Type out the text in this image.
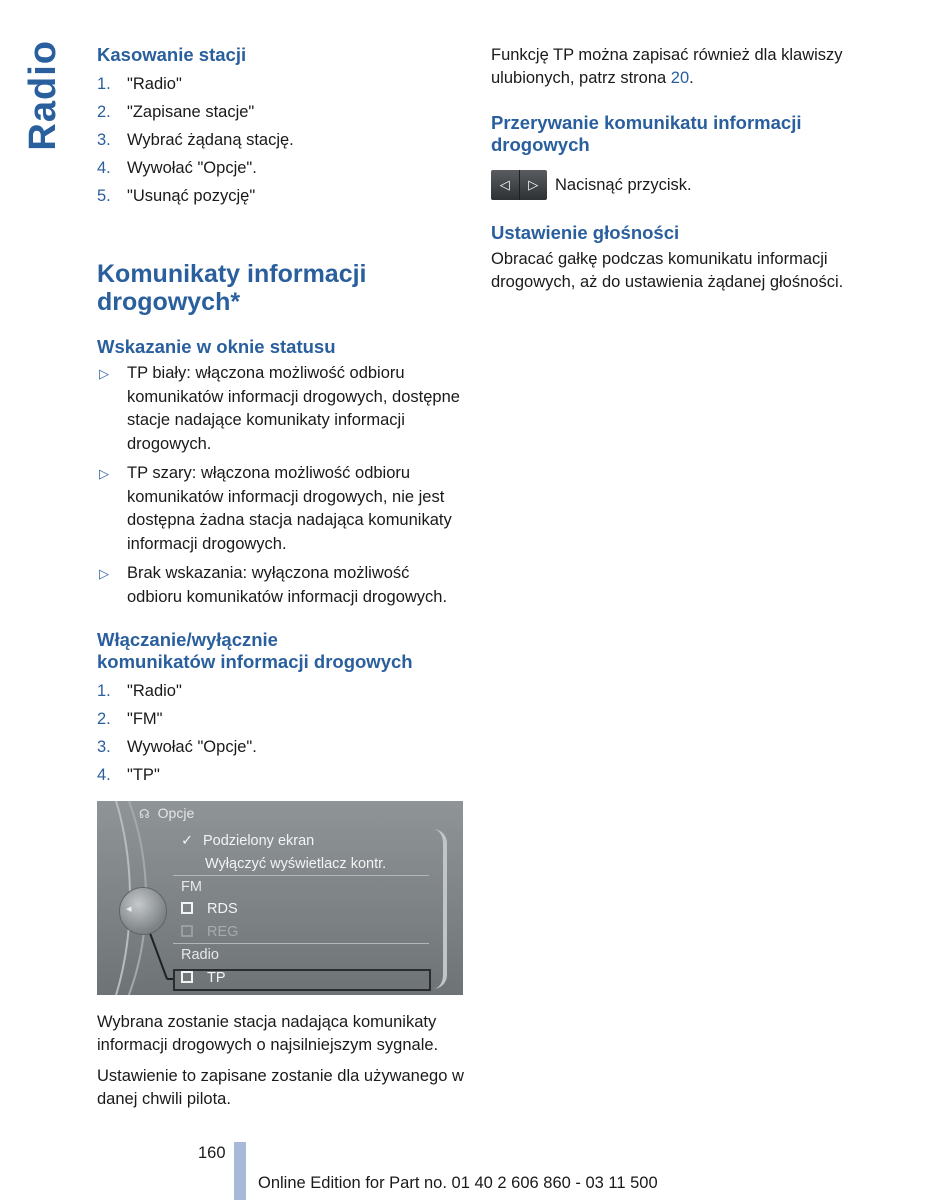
Radio Kasowanie stacji
1. "Radio"
2. "Zapisane stacje"
3. Wybrać żądaną stację.
4. Wywołać "Opcje".
5. "Usunąć pozycję"
Komunikaty informacji
drogowych*
Wskazanie w oknie statusu
▷ TP biały: włączona możliwość odbioru komunikatów informacji drogowych, dostępne stacje nadające komunikaty informacji drogowych.
▷ TP szary: włączona możliwość odbioru komunikatów informacji drogowych, nie jest dostępna żadna stacja nadająca komunikaty informacji drogowych.
▷ Brak wskazania: wyłączona możliwość odbioru komunikatów informacji drogowych.
Włączanie/wyłącznie
komunikatów informacji drogowych
1. "Radio"
2. "FM"
3. Wywołać "Opcje".
4. "TP"
◂
☊ Opcje
✓ Podzielony ekran
Wyłączyć wyświetlacz kontr.
FM
RDS
REG
Radio
TP

Wybrana zostanie stacja nadająca komunikaty informacji drogowych o najsilniejszym sygnale.

Ustawienie to zapisane zostanie dla używanego w danej chwili pilota.

Funkcję TP można zapisać również dla klawiszy ulubionych, patrz strona 20.

Przerywanie komunikatu informacji drogowych
◁	▷	Nacisnąć przycisk.
Ustawienie głośności

Obracać gałkę podczas komunikatu informacji drogowych, aż do ustawienia żądanej głośności.

160
Online Edition for Part no. 01 40 2 606 860 - 03 11 500
